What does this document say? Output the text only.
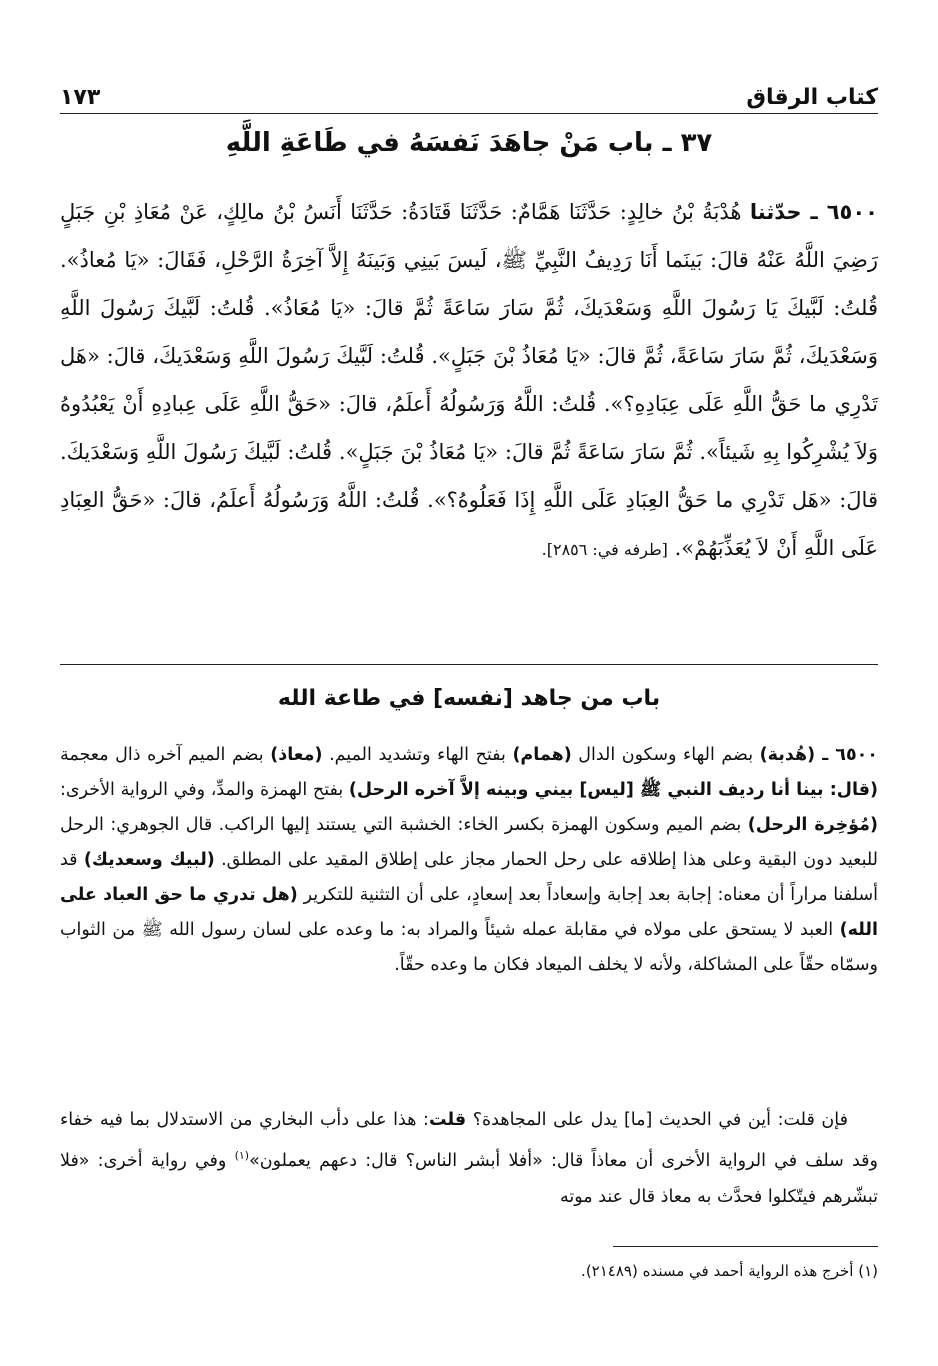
كتاب الرقاق
١٧٣
٣٧ ـ باب مَنْ جاهَدَ نَفسَهُ في طَاعَةِ اللَّهِ
٦٥٠٠ ـ حدّثنا هُدْبَةُ بْنُ خالِدٍ: حَدَّثَنَا هَمَّامٌ: حَدَّثَنَا قَتَادَةُ: حَدَّثَنَا أَنَسُ بْنُ مالِكٍ، عَنْ مُعَاذِ بْنِ جَبَلٍ رَضِيَ اللَّهُ عَنْهُ قالَ: بَينَما أَنَا رَدِيفُ النَّبِيِّ ﷺ، لَيسَ بَينِي وَبَينَهُ إِلاَّ آخِرَةُ الرَّحْلِ، فَقَالَ: «يَا مُعاذُ». قُلتُ: لَبَّيكَ يَا رَسُولَ اللَّهِ وَسَعْدَيكَ، ثُمَّ سَارَ سَاعَةً ثُمَّ قالَ: «يَا مُعَاذُ». قُلتُ: لَبَّيكَ رَسُولَ اللَّهِ وَسَعْدَيكَ، ثُمَّ سَارَ سَاعَةً، ثُمَّ قالَ: «يَا مُعَاذُ بْنَ جَبَلٍ». قُلتُ: لَبَّيكَ رَسُولَ اللَّهِ وَسَعْدَيكَ، قالَ: «هَل تَدْرِي ما حَقُّ اللَّهِ عَلَى عِبَادِهِ؟». قُلتُ: اللَّهُ وَرَسُولُهُ أَعلَمُ، قالَ: «حَقُّ اللَّهِ عَلَى عِبادِهِ أَنْ يَعْبُدُوهُ وَلاَ يُشْرِكُوا بِهِ شَيئاً». ثُمَّ سَارَ سَاعَةً ثُمَّ قالَ: «يَا مُعَاذُ بْنَ جَبَلٍ». قُلتُ: لَبَّيكَ رَسُولَ اللَّهِ وَسَعْدَيكَ. قالَ: «هَل تَدْرِي ما حَقُّ العِبَادِ عَلَى اللَّهِ إِذَا فَعَلُوهُ؟». قُلتُ: اللَّهُ وَرَسُولُهُ أَعلَمُ، قالَ: «حَقُّ العِبَادِ عَلَى اللَّهِ أَنْ لاَ يُعَذِّبَهُمْ». [طرفه في: ٢٨٥٦].
باب من جاهد [نفسه] في طاعة الله
٦٥٠٠ ـ (هُدبة) بضم الهاء وسكون الدال (همام) بفتح الهاء وتشديد الميم. (معاذ) بضم الميم آخره ذال معجمة (قال: بينا أنا رديف النبي ﷺ [ليس] بيني وبينه إلاَّ آخره الرحل) بفتح الهمزة والمدِّ، وفي الرواية الأخرى: (مُؤخِرة الرحل) بضم الميم وسكون الهمزة بكسر الخاء: الخشبة التي يستند إليها الراكب. قال الجوهري: الرحل للبعيد دون البقية وعلى هذا إطلاقه على رحل الحمار مجاز على إطلاق المقيد على المطلق. (لبيك وسعديك) قد أسلفنا مراراً أن معناه: إجابة بعد إجابة وإسعاداً بعد إسعادٍ، على أن التثنية للتكرير (هل تدري ما حق العباد على الله) العبد لا يستحق على مولاه في مقابلة عمله شيئاً والمراد به: ما وعده على لسان رسول الله ﷺ من الثواب وسمّاه حقّاً على المشاكلة، ولأنه لا يخلف الميعاد فكان ما وعده حقّاً.
فإن قلت: أين في الحديث [ما] يدل على المجاهدة؟ قلت: هذا على دأب البخاري من الاستدلال بما فيه خفاء وقد سلف في الرواية الأخرى أن معاذاً قال: «أفلا أبشر الناس؟ قال: دعهم يعملون»$^{(١)}$ وفي رواية أخرى: «فلا تبشّرهم فيتّكلوا فحدَّث به معاذ قال عند موته
(١) أخرج هذه الرواية أحمد في مسنده (٢١٤٨٩).
